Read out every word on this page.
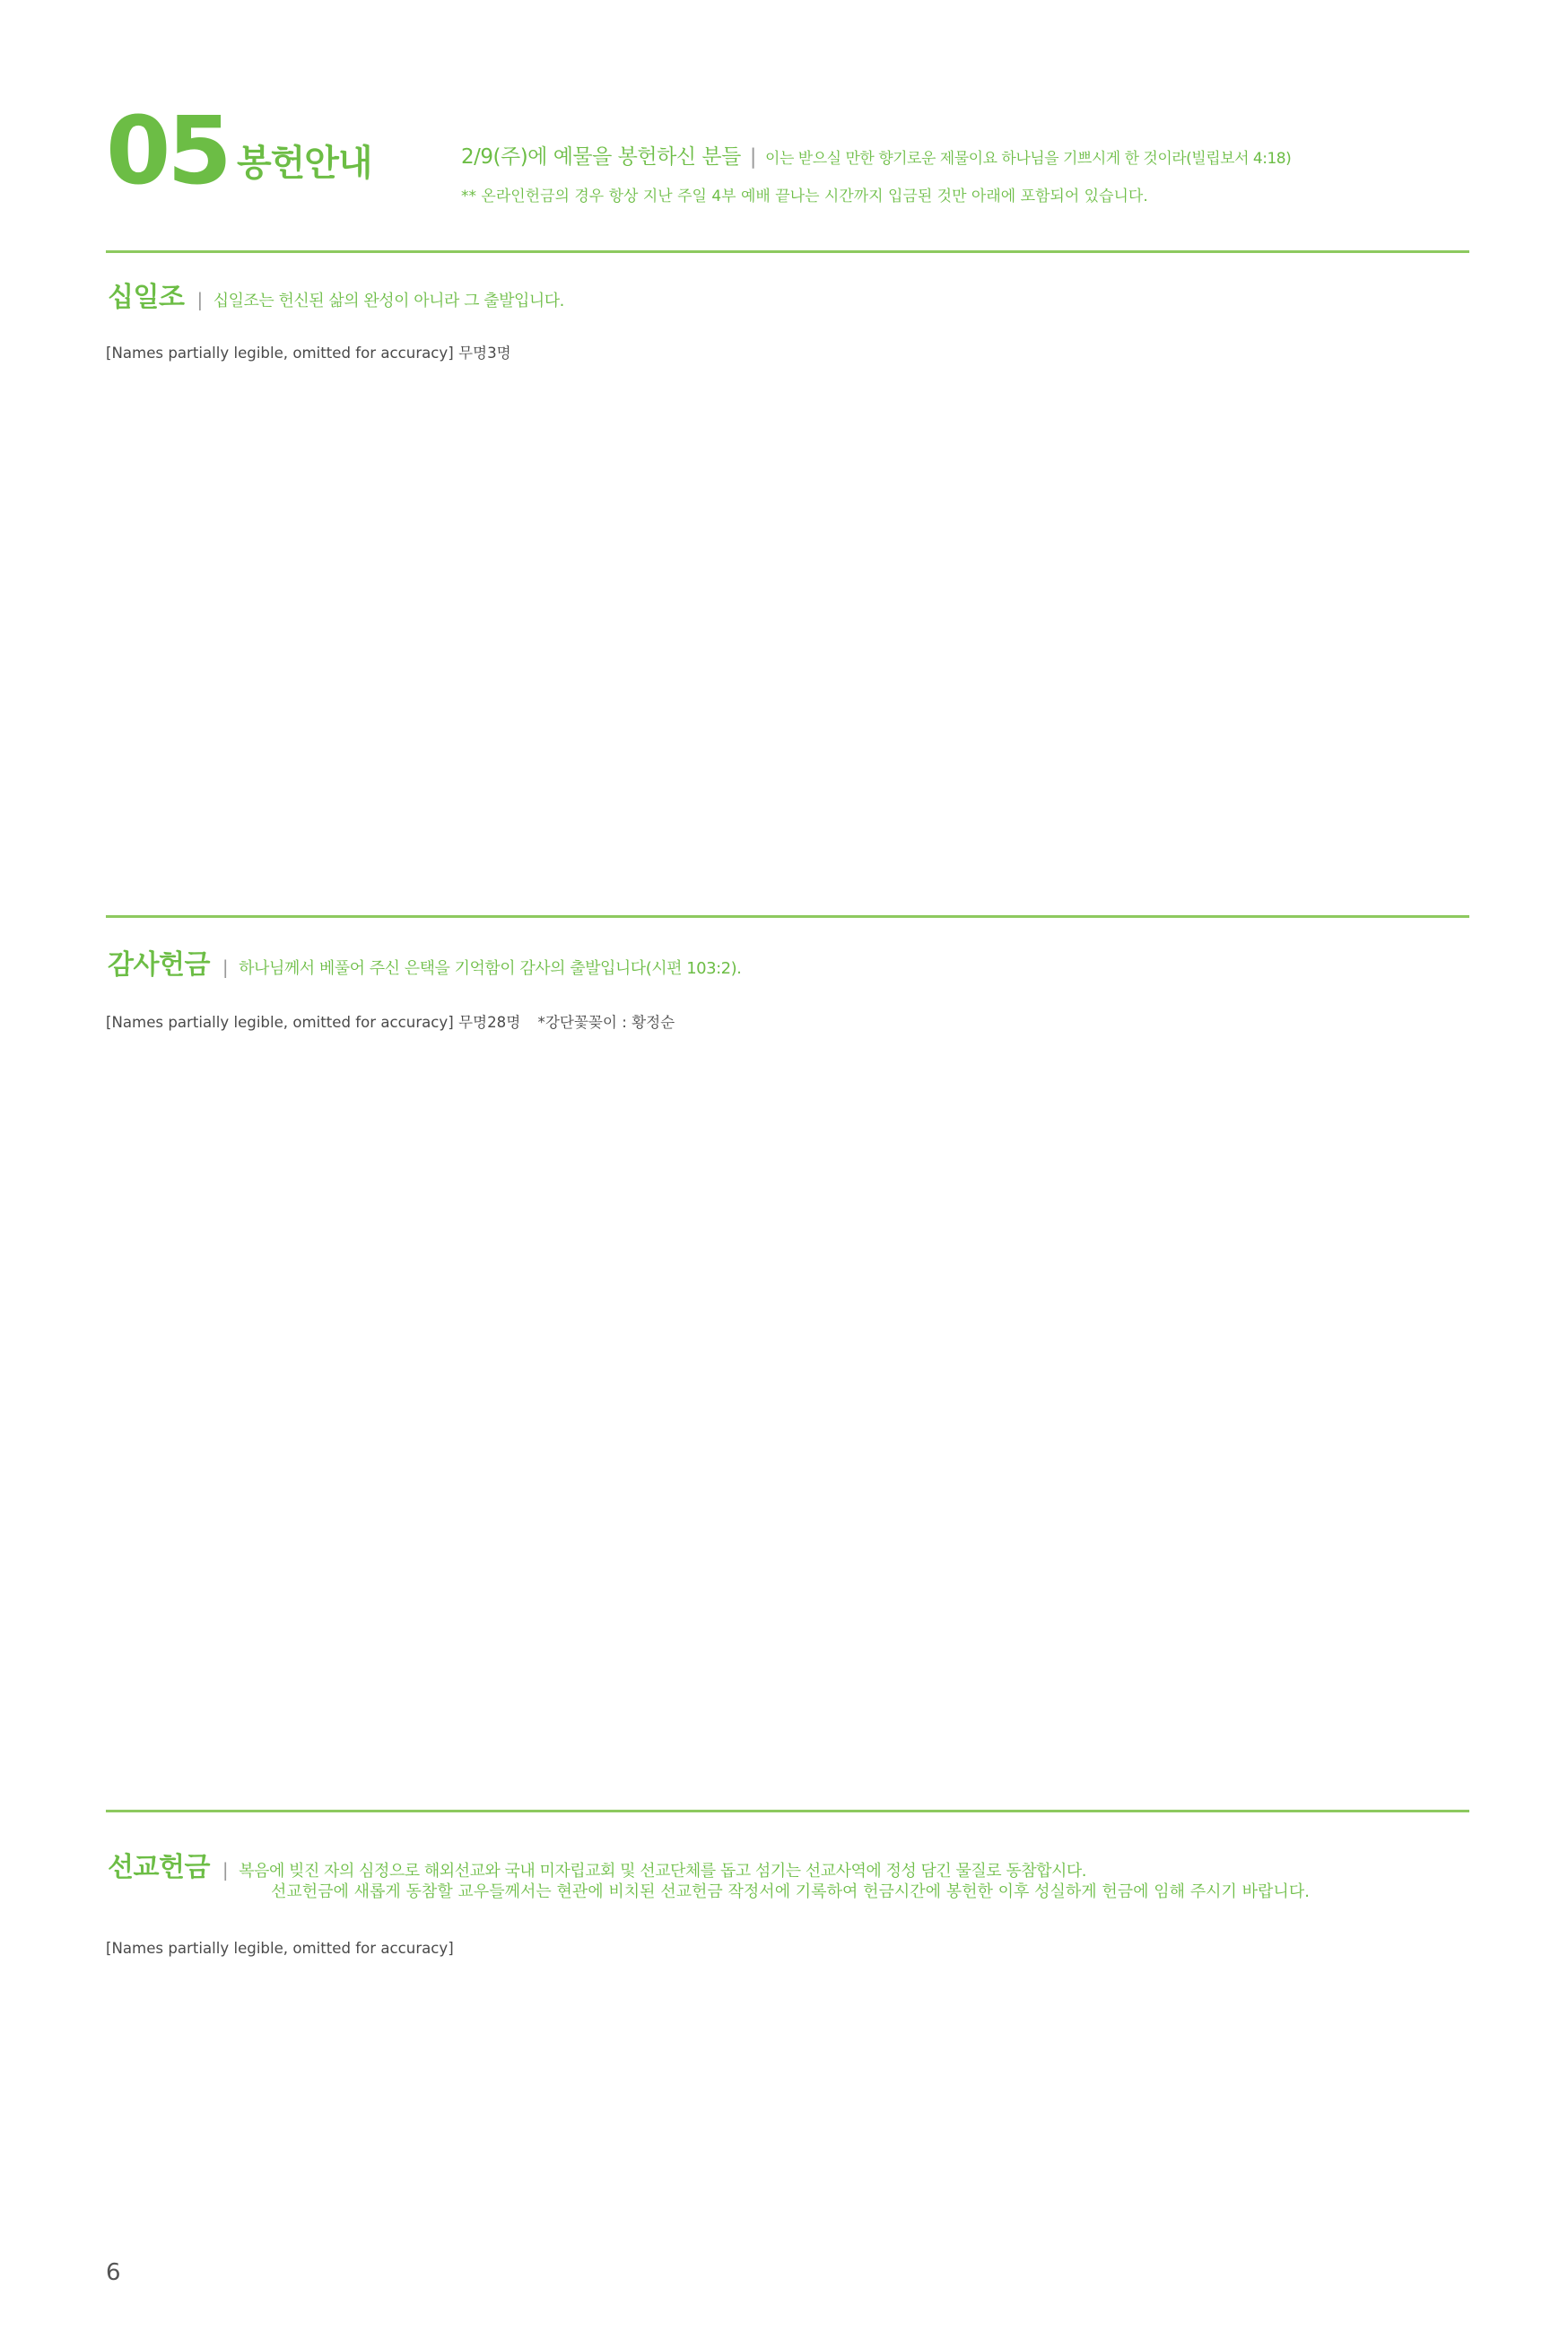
05 봉헌안내	2/9(주)에 예물을 봉헌하신 분들 | 이는 받으실 만한 향기로운 제물이요 하나님을 기쁘시게 한 것이라(빌립보서 4:18)
** 온라인헌금의 경우 항상 지난 주일 4부 예배 끝나는 시간까지 입금된 것만 아래에 포함되어 있습니다.
십일조 | 십일조는 헌신된 삶의 완성이 아니라 그 출발입니다.
[Names partially legible, omitted for accuracy] 무명3명
감사헌금 | 하나님께서 베풀어 주신 은택을 기억함이 감사의 출발입니다(시편 103:2).
[Names partially legible, omitted for accuracy] 무명28명 *강단꽃꽂이 : 황정순
선교헌금 | 복음에 빚진 자의 심정으로 해외선교와 국내 미자립교회 및 선교단체를 돕고 섬기는 선교사역에 정성 담긴 물질로 동참합시다.
선교헌금에 새롭게 동참할 교우들께서는 현관에 비치된 선교헌금 작정서에 기록하여 헌금시간에 봉헌한 이후 성실하게 헌금에 임해 주시기 바랍니다.
[Names partially legible, omitted for accuracy]
6
